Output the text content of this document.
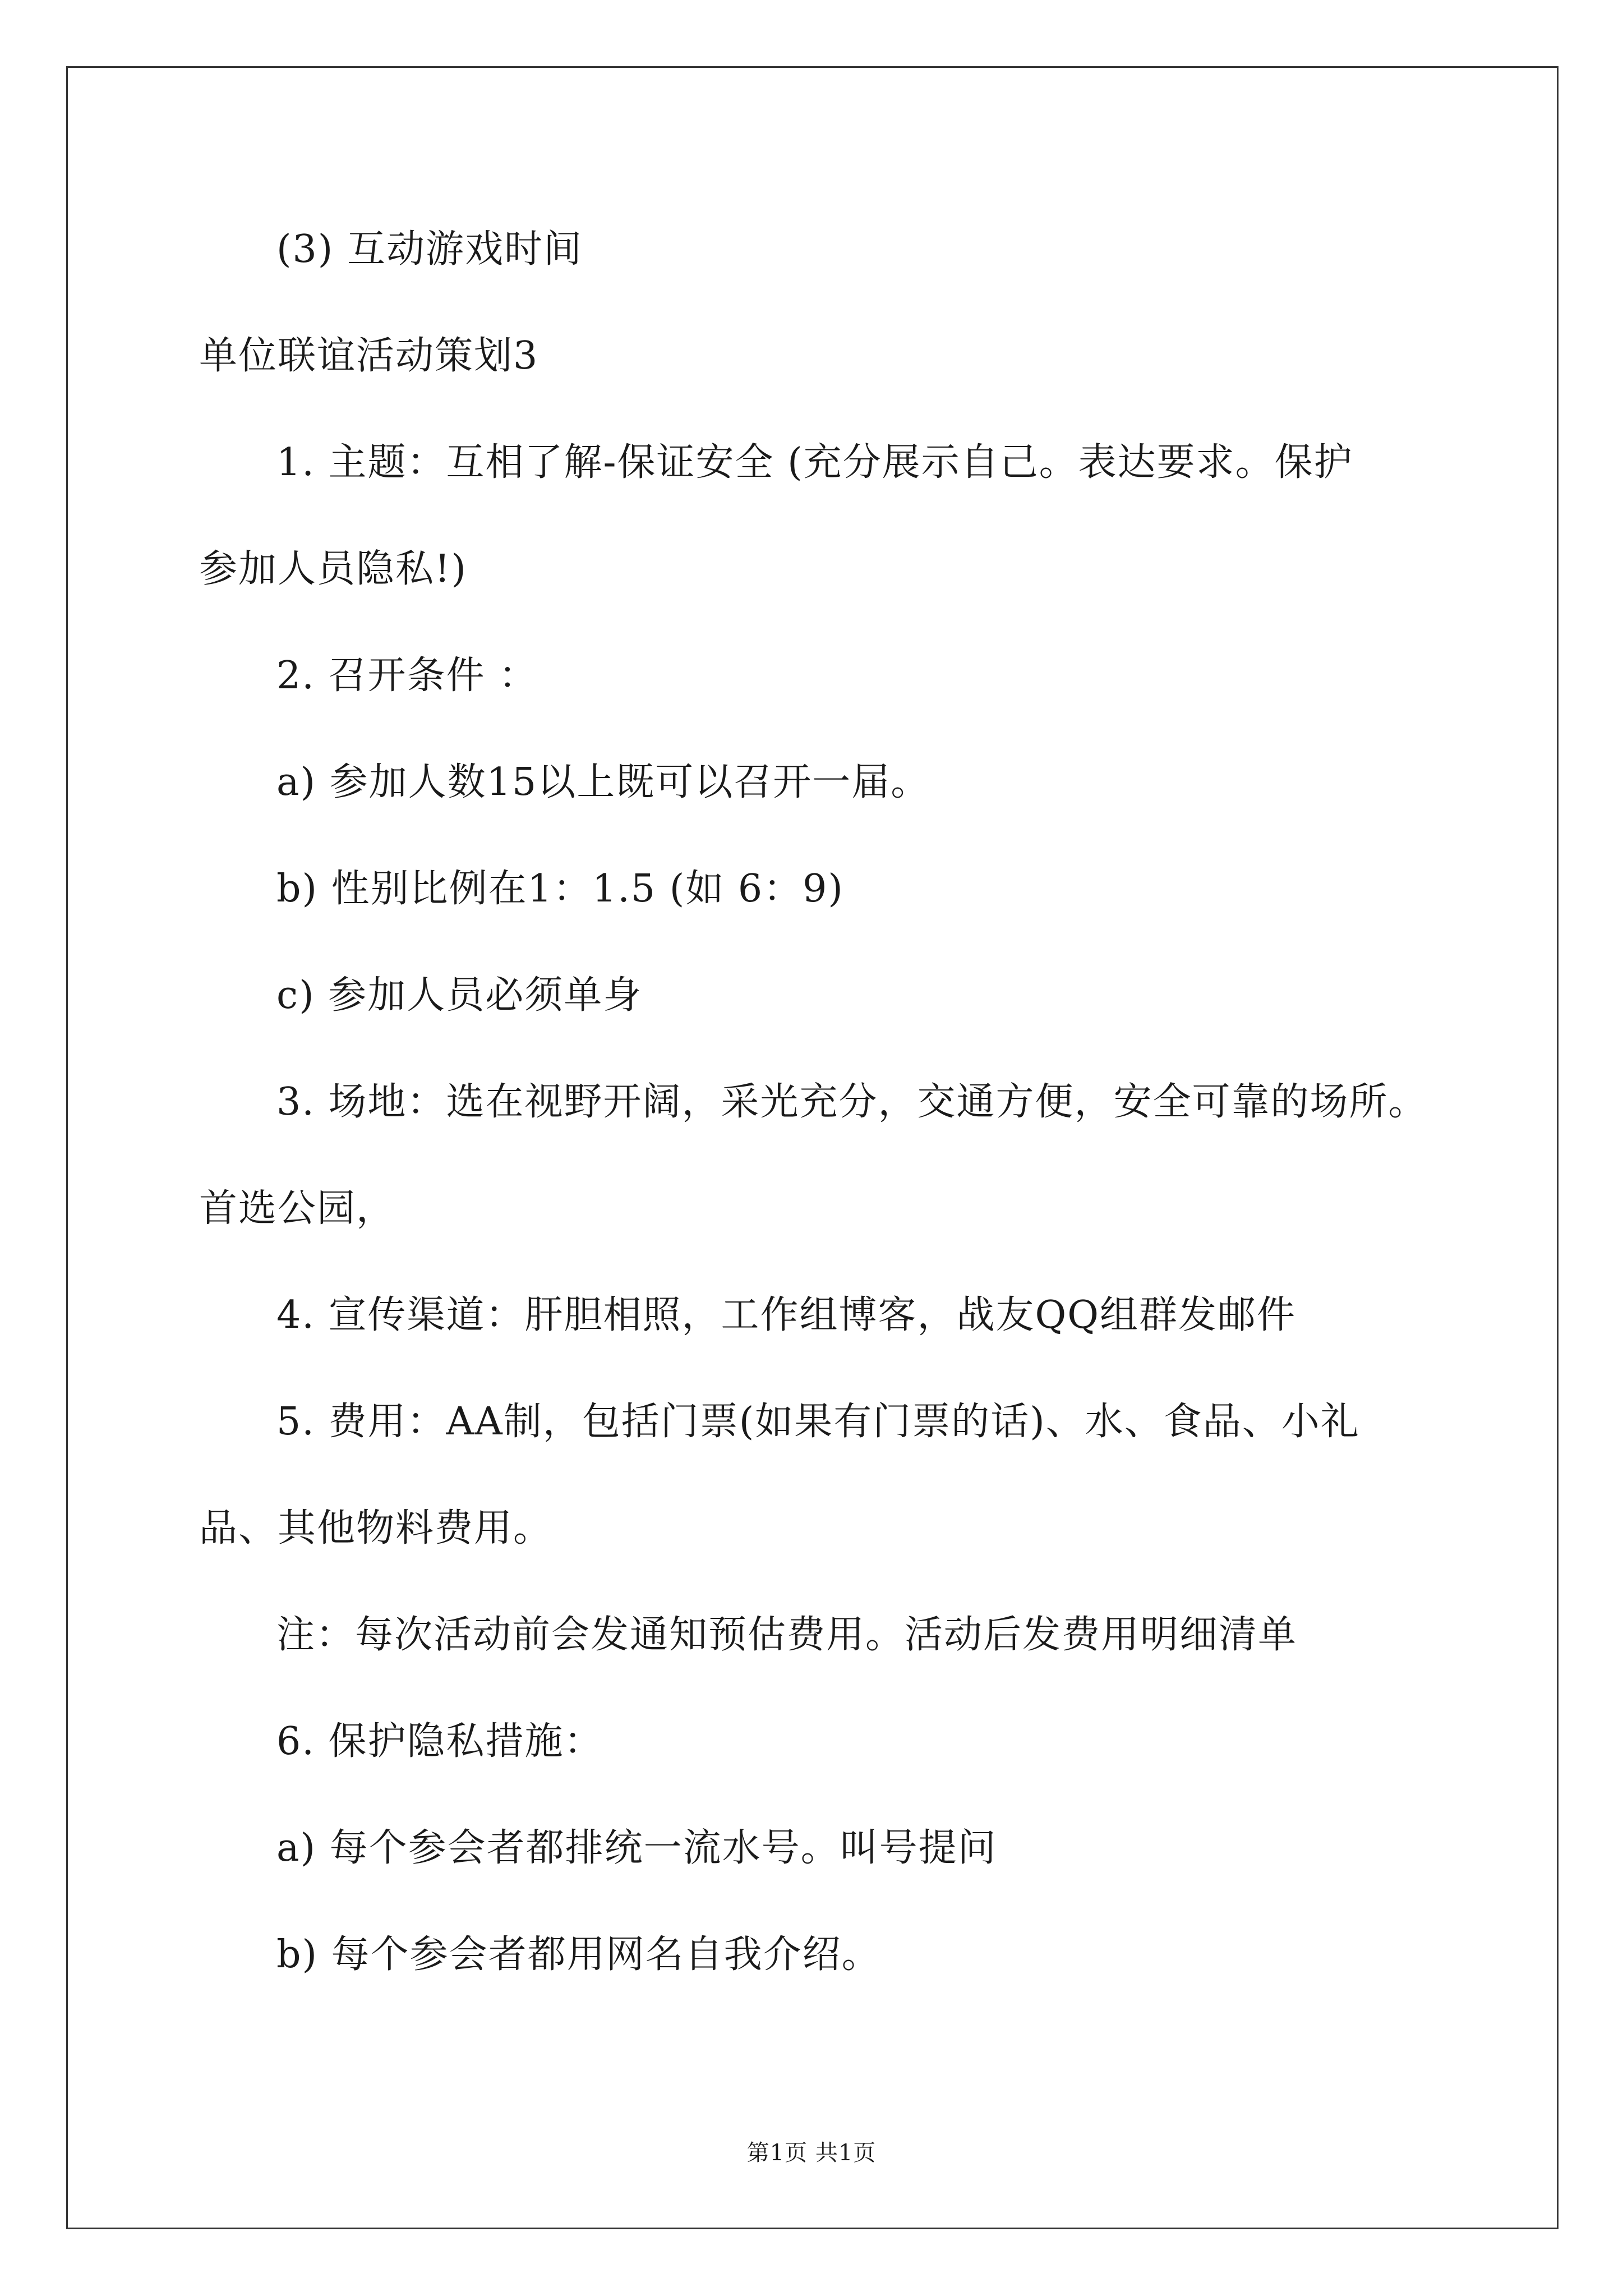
(3) 互动游戏时间

单位联谊活动策划3

1. 主题：互相了解-保证安全 (充分展示自己。表达要求。保护

参加人员隐私!)

2. 召开条件 ：

a) 参加人数15以上既可以召开一届。

b) 性别比例在1：1.5 (如 6：9)

c) 参加人员必须单身

3. 场地：选在视野开阔，采光充分，交通方便，安全可靠的场所。

首选公园，

4. 宣传渠道：肝胆相照，工作组博客，战友QQ组群发邮件

5. 费用：AA制，包括门票(如果有门票的话)、水、食品、小礼

品、其他物料费用。

注：每次活动前会发通知预估费用。活动后发费用明细清单

6. 保护隐私措施：

a) 每个参会者都排统一流水号。叫号提问

b) 每个参会者都用网名自我介绍。

第1页 共1页
